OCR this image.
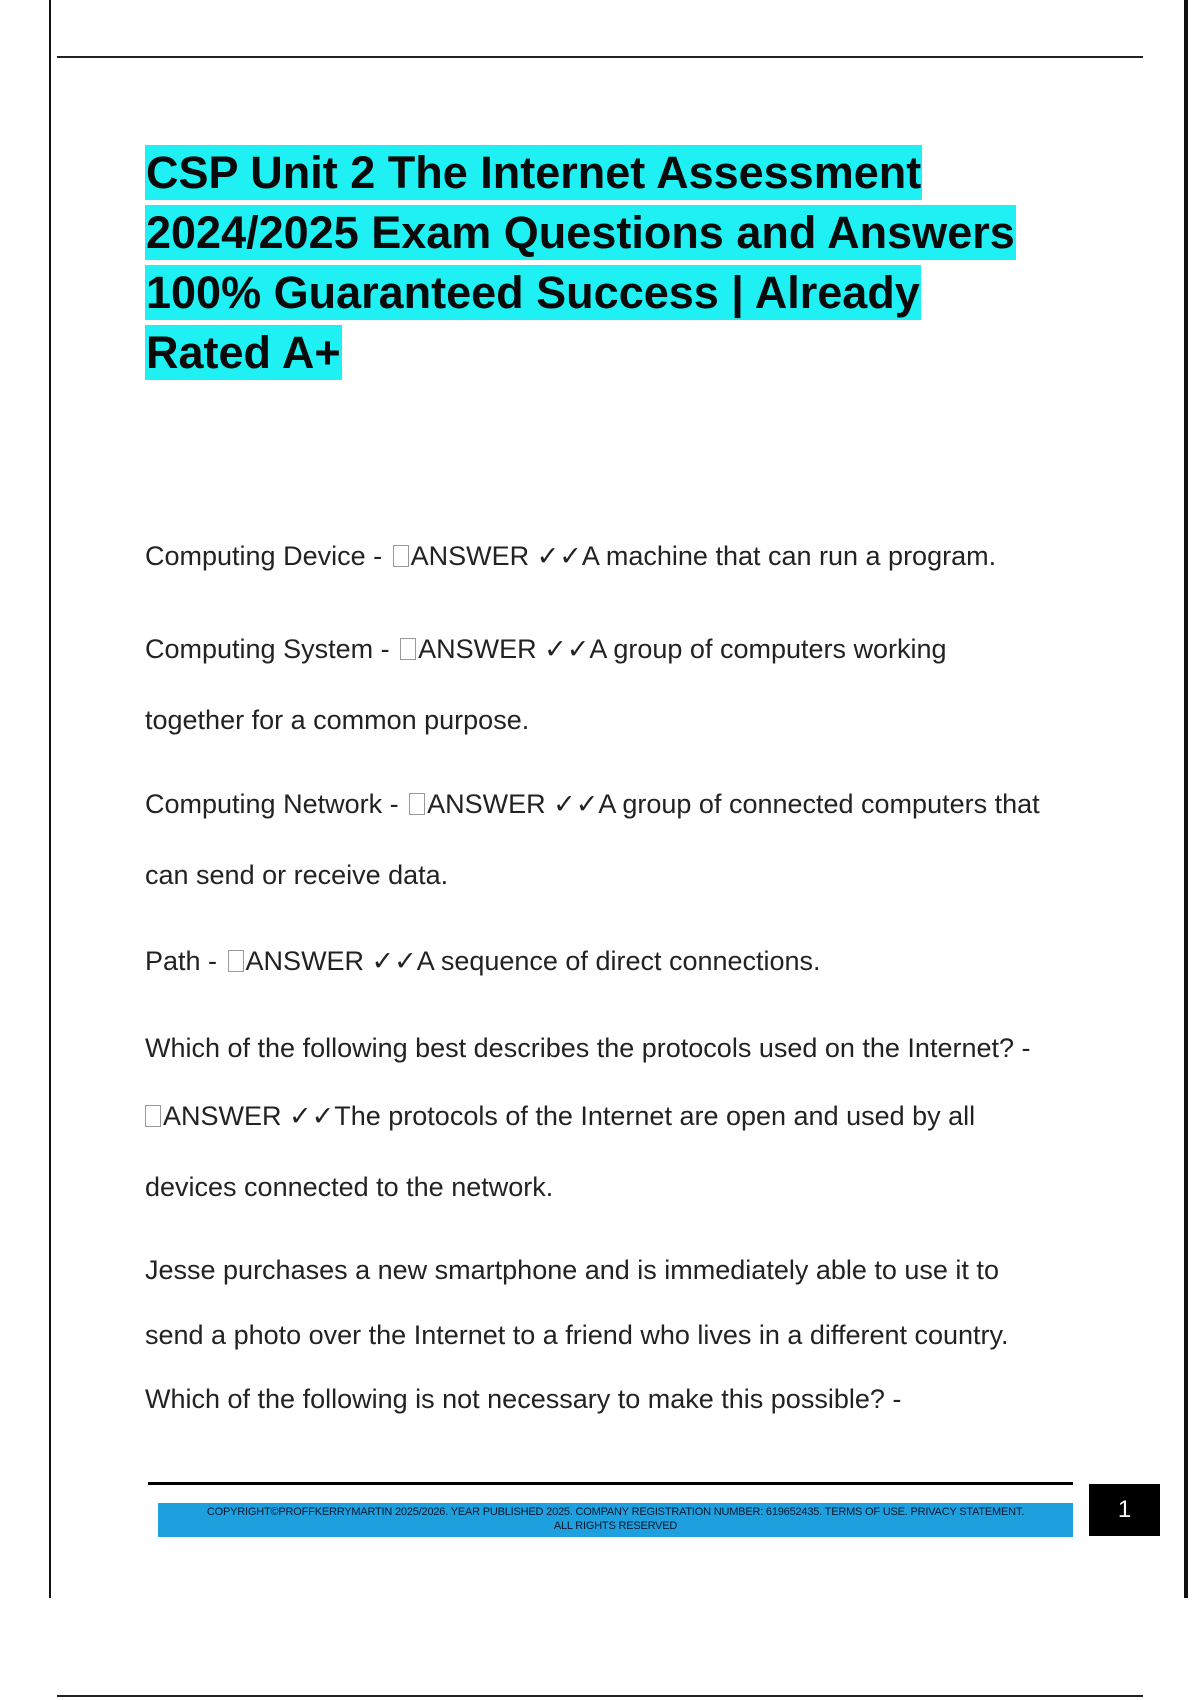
CSP Unit 2 The Internet Assessment
2024/2025 Exam Questions and Answers
100% Guaranteed Success | Already
Rated A+

Computing Device - ANSWER ✓✓A machine that can run a program.

Computing System - ANSWER ✓✓A group of computers working

together for a common purpose.

Computing Network - ANSWER ✓✓A group of connected computers that

can send or receive data.

Path - ANSWER ✓✓A sequence of direct connections.

Which of the following best describes the protocols used on the Internet? -

ANSWER ✓✓The protocols of the Internet are open and used by all

devices connected to the network.

Jesse purchases a new smartphone and is immediately able to use it to

send a photo over the Internet to a friend who lives in a different country.

Which of the following is not necessary to make this possible? -

COPYRIGHT©PROFFKERRYMARTIN 2025/2026. YEAR PUBLISHED 2025. COMPANY REGISTRATION NUMBER: 619652435. TERMS OF USE. PRIVACY STATEMENT.
ALL RIGHTS RESERVED
1
